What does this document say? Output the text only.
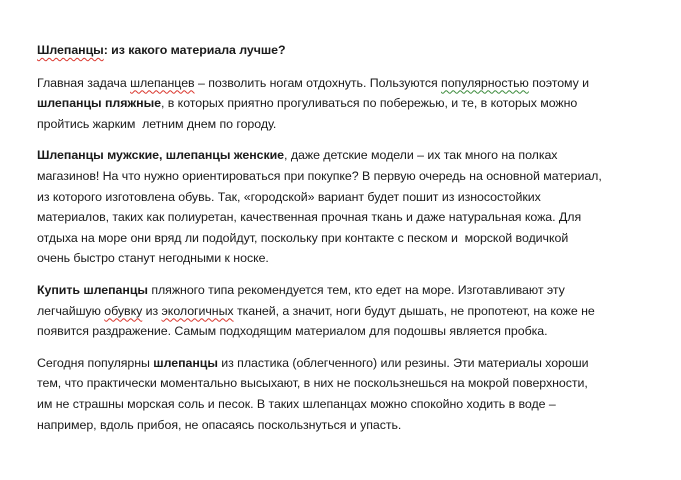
Шлепанцы: из какого материала лучше?
Главная задача шлепанцев – позволить ногам отдохнуть. Пользуются популярностью поэтому и
шлепанцы пляжные, в которых приятно прогуливаться по побережью, и те, в которых можно
пройтись жарким  летним днем по городу.
Шлепанцы мужские, шлепанцы женские, даже детские модели – их так много на полках
магазинов! На что нужно ориентироваться при покупке? В первую очередь на основной материал,
из которого изготовлена обувь. Так, «городской» вариант будет пошит из износостойких
материалов, таких как полиуретан, качественная прочная ткань и даже натуральная кожа. Для
отдыха на море они вряд ли подойдут, поскольку при контакте с песком и  морской водичкой
очень быстро станут негодными к носке.
Купить шлепанцы пляжного типа рекомендуется тем, кто едет на море. Изготавливают эту
легчайшую обувку из экологичных тканей, а значит, ноги будут дышать, не пропотеют, на коже не
появится раздражение. Самым подходящим материалом для подошвы является пробка.
Сегодня популярны шлепанцы из пластика (облегченного) или резины. Эти материалы хороши
тем, что практически моментально высыхают, в них не поскользнешься на мокрой поверхности,
им не страшны морская соль и песок. В таких шлепанцах можно спокойно ходить в воде –
например, вдоль прибоя, не опасаясь поскользнуться и упасть.
